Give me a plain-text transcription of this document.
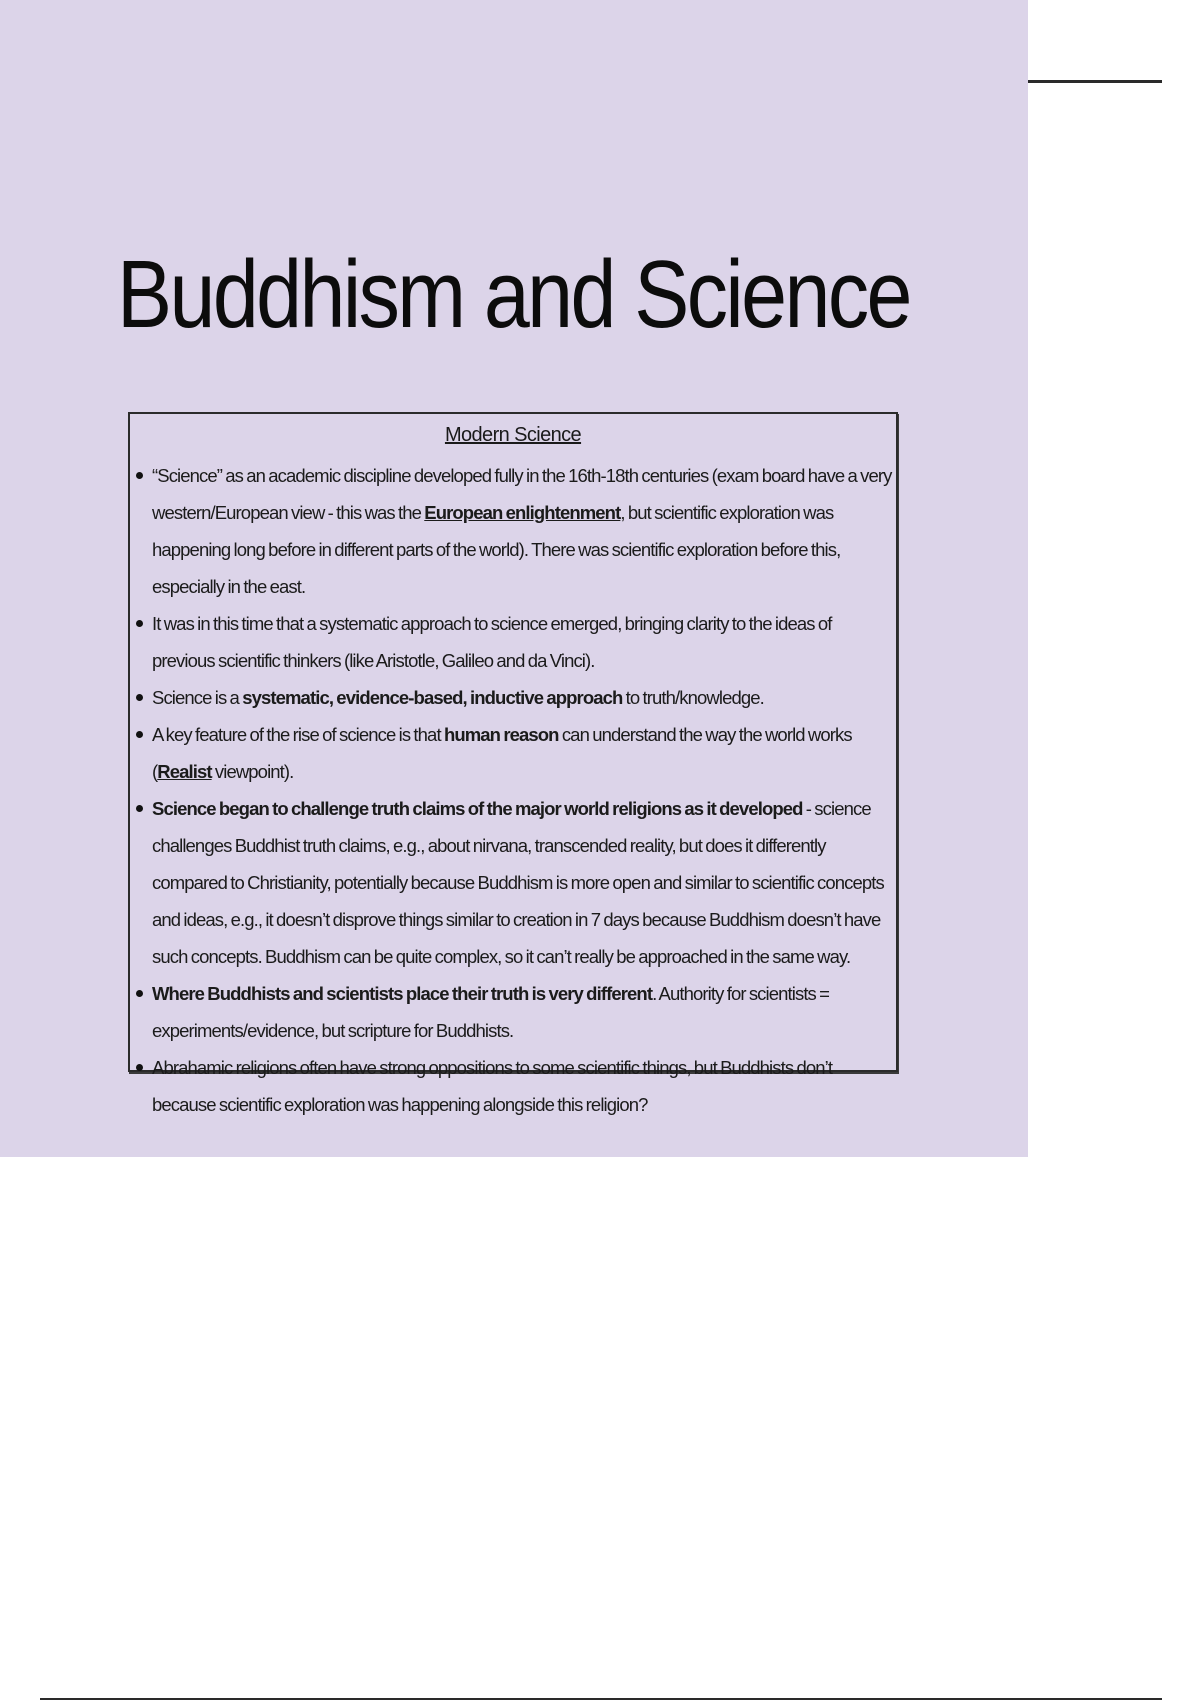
Buddhism and Science
Modern Science
“Science” as an academic discipline developed fully in the 16th-18th centuries (exam board have a very western/European view - this was the European enlightenment, but scientific exploration was happening long before in different parts of the world). There was scientific exploration before this, especially in the east.
It was in this time that a systematic approach to science emerged, bringing clarity to the ideas of previous scientific thinkers (like Aristotle, Galileo and da Vinci).
Science is a systematic, evidence-based, inductive approach to truth/knowledge.
A key feature of the rise of science is that human reason can understand the way the world works (Realist viewpoint).
Science began to challenge truth claims of the major world religions as it developed - science challenges Buddhist truth claims, e.g., about nirvana, transcended reality, but does it differently compared to Christianity, potentially because Buddhism is more open and similar to scientific concepts and ideas, e.g., it doesn’t disprove things similar to creation in 7 days because Buddhism doesn’t have such concepts. Buddhism can be quite complex, so it can’t really be approached in the same way.
Where Buddhists and scientists place their truth is very different. Authority for scientists = experiments/evidence, but scripture for Buddhists.
Abrahamic religions often have strong oppositions to some scientific things, but Buddhists don’t because scientific exploration was happening alongside this religion?
